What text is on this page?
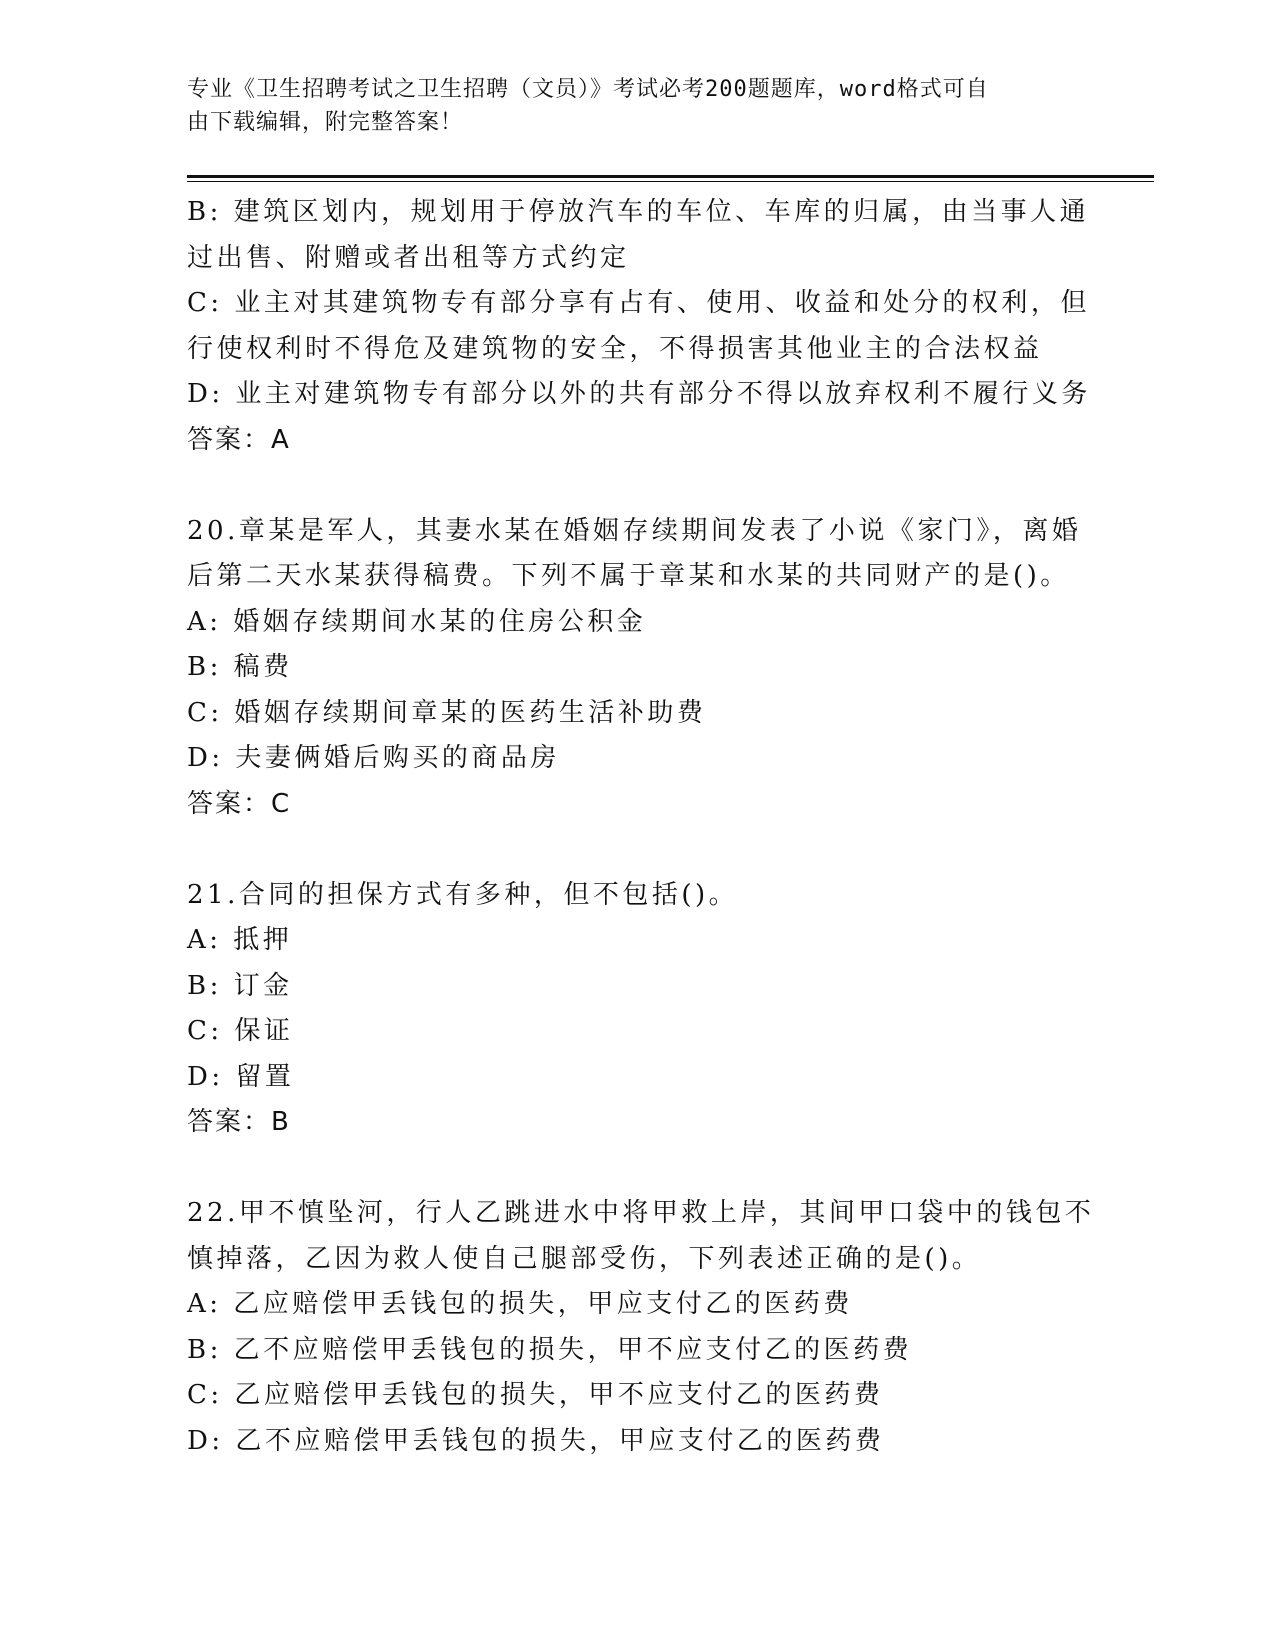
专业《卫生招聘考试之卫生招聘（文员）》考试必考200题题库，word格式可自
由下载编辑，附完整答案！
B: 建筑区划内，规划用于停放汽车的车位、车库的归属，由当事人通
过出售、附赠或者出租等方式约定
C: 业主对其建筑物专有部分享有占有、使用、收益和处分的权利，但
行使权利时不得危及建筑物的安全，不得损害其他业主的合法权益
D: 业主对建筑物专有部分以外的共有部分不得以放弃权利不履行义务
答案：A
20.章某是军人，其妻水某在婚姻存续期间发表了小说《家门》，离婚
后第二天水某获得稿费。下列不属于章某和水某的共同财产的是()。
A: 婚姻存续期间水某的住房公积金
B: 稿费
C: 婚姻存续期间章某的医药生活补助费
D: 夫妻俩婚后购买的商品房
答案：C
21.合同的担保方式有多种，但不包括()。
A: 抵押
B: 订金
C: 保证
D: 留置
答案：B
22.甲不慎坠河，行人乙跳进水中将甲救上岸，其间甲口袋中的钱包不
慎掉落，乙因为救人使自己腿部受伤，下列表述正确的是()。
A: 乙应赔偿甲丢钱包的损失，甲应支付乙的医药费
B: 乙不应赔偿甲丢钱包的损失，甲不应支付乙的医药费
C: 乙应赔偿甲丢钱包的损失，甲不应支付乙的医药费
D: 乙不应赔偿甲丢钱包的损失，甲应支付乙的医药费
